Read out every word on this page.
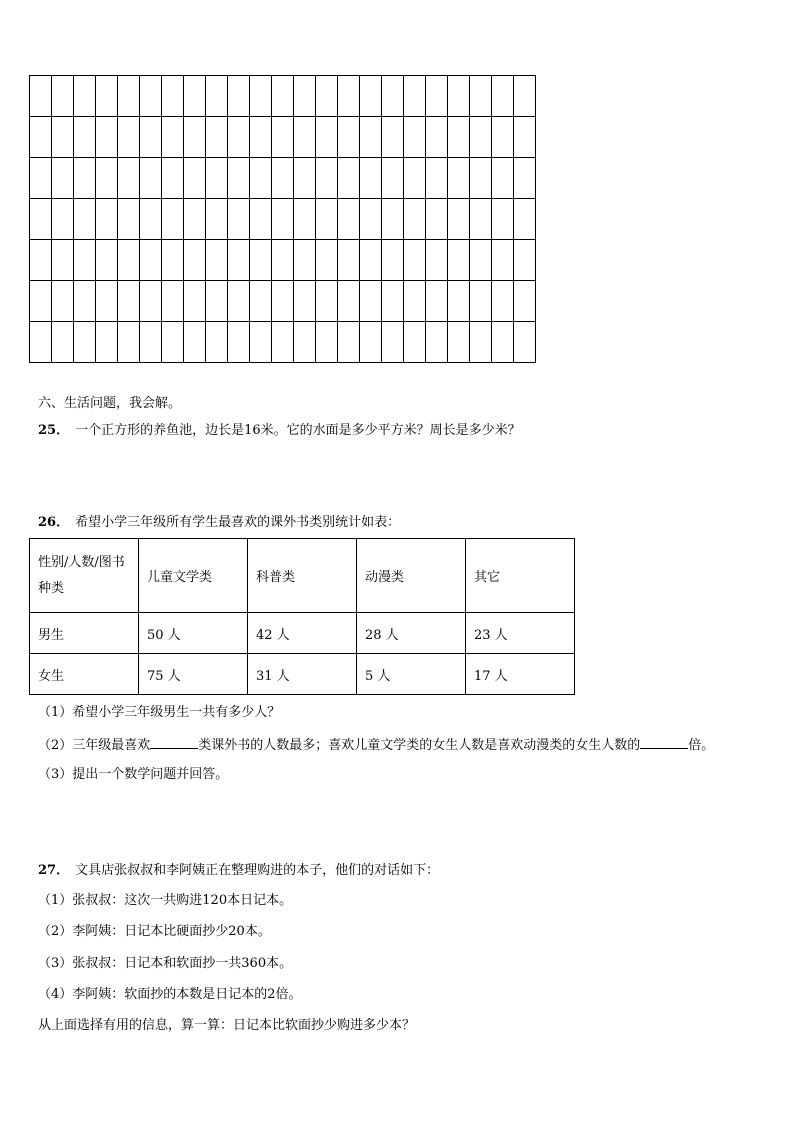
六、生活问题，我会解。
25． 一个正方形的养鱼池，边长是16米。它的水面是多少平方米？周长是多少米？
26． 希望小学三年级所有学生最喜欢的课外书类别统计如表：
性别/人数/图书
种类	儿童文学类	科普类	动漫类	其它
男生	50 人	42 人	28 人	23 人
女生	75 人	31 人	5 人	17 人
（1）希望小学三年级男生一共有多少人？
（2）三年级最喜欢	类课外书的人数最多；喜欢儿童文学类的女生人数是喜欢动漫类的女生人数的	倍。
（3）提出一个数学问题并回答。
27． 文具店张叔叔和李阿姨正在整理购进的本子，他们的对话如下：
（1）张叔叔：这次一共购进120本日记本。
（2）李阿姨：日记本比硬面抄少20本。
（3）张叔叔：日记本和软面抄一共360本。
（4）李阿姨：软面抄的本数是日记本的2倍。
从上面选择有用的信息，算一算：日记本比软面抄少购进多少本？
